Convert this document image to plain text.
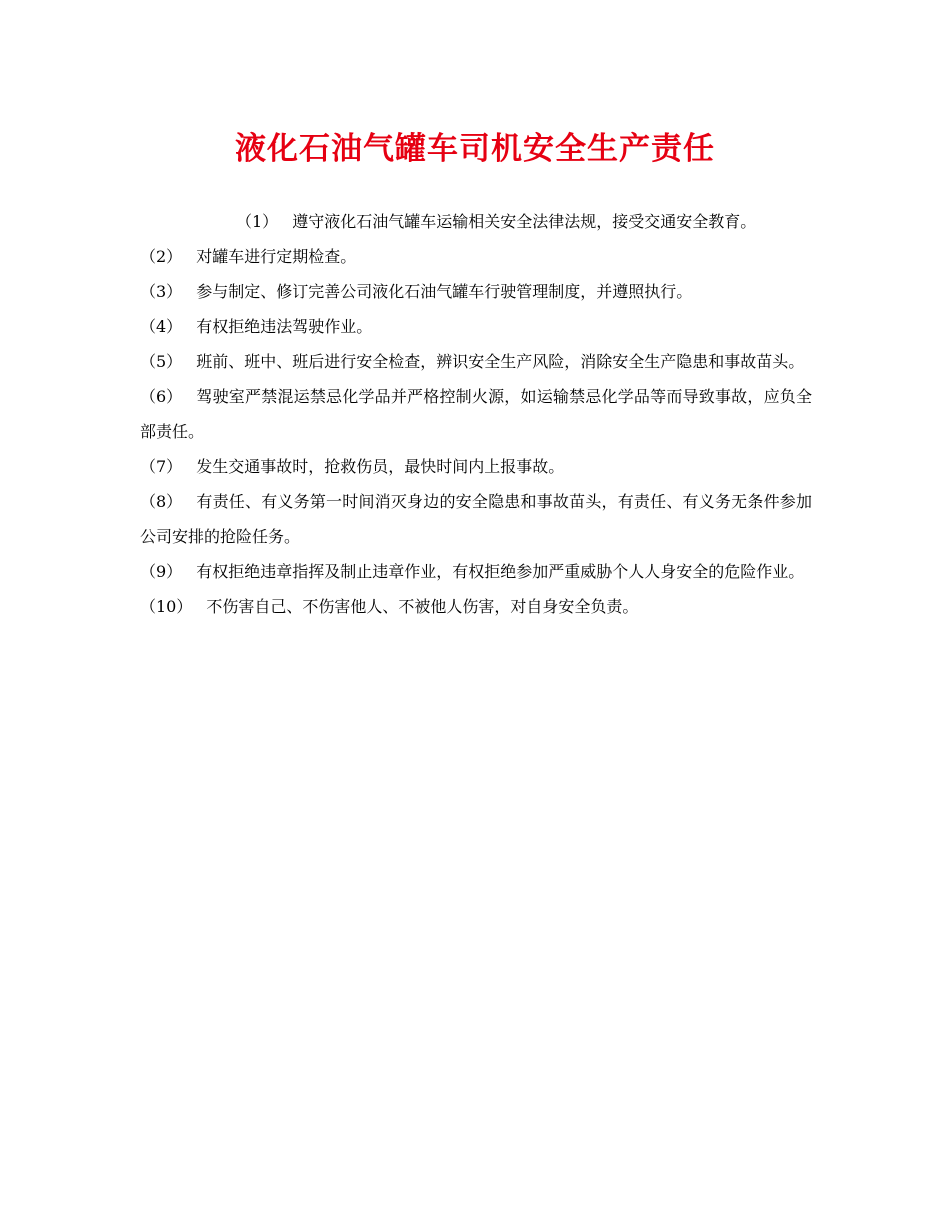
液化石油气罐车司机安全生产责任

（1） 遵守液化石油气罐车运输相关安全法律法规，接受交通安全教育。

（2） 对罐车进行定期检查。

（3） 参与制定、修订完善公司液化石油气罐车行驶管理制度，并遵照执行。

（4） 有权拒绝违法驾驶作业。

（5） 班前、班中、班后进行安全检查，辨识安全生产风险，消除安全生产隐患和事故苗头。

（6） 驾驶室严禁混运禁忌化学品并严格控制火源，如运输禁忌化学品等而导致事故，应负全部责任。

（7） 发生交通事故时，抢救伤员，最快时间内上报事故。

（8） 有责任、有义务第一时间消灭身边的安全隐患和事故苗头，有责任、有义务无条件参加公司安排的抢险任务。

（9） 有权拒绝违章指挥及制止违章作业，有权拒绝参加严重威胁个人人身安全的危险作业。

（10） 不伤害自己、不伤害他人、不被他人伤害，对自身安全负责。
